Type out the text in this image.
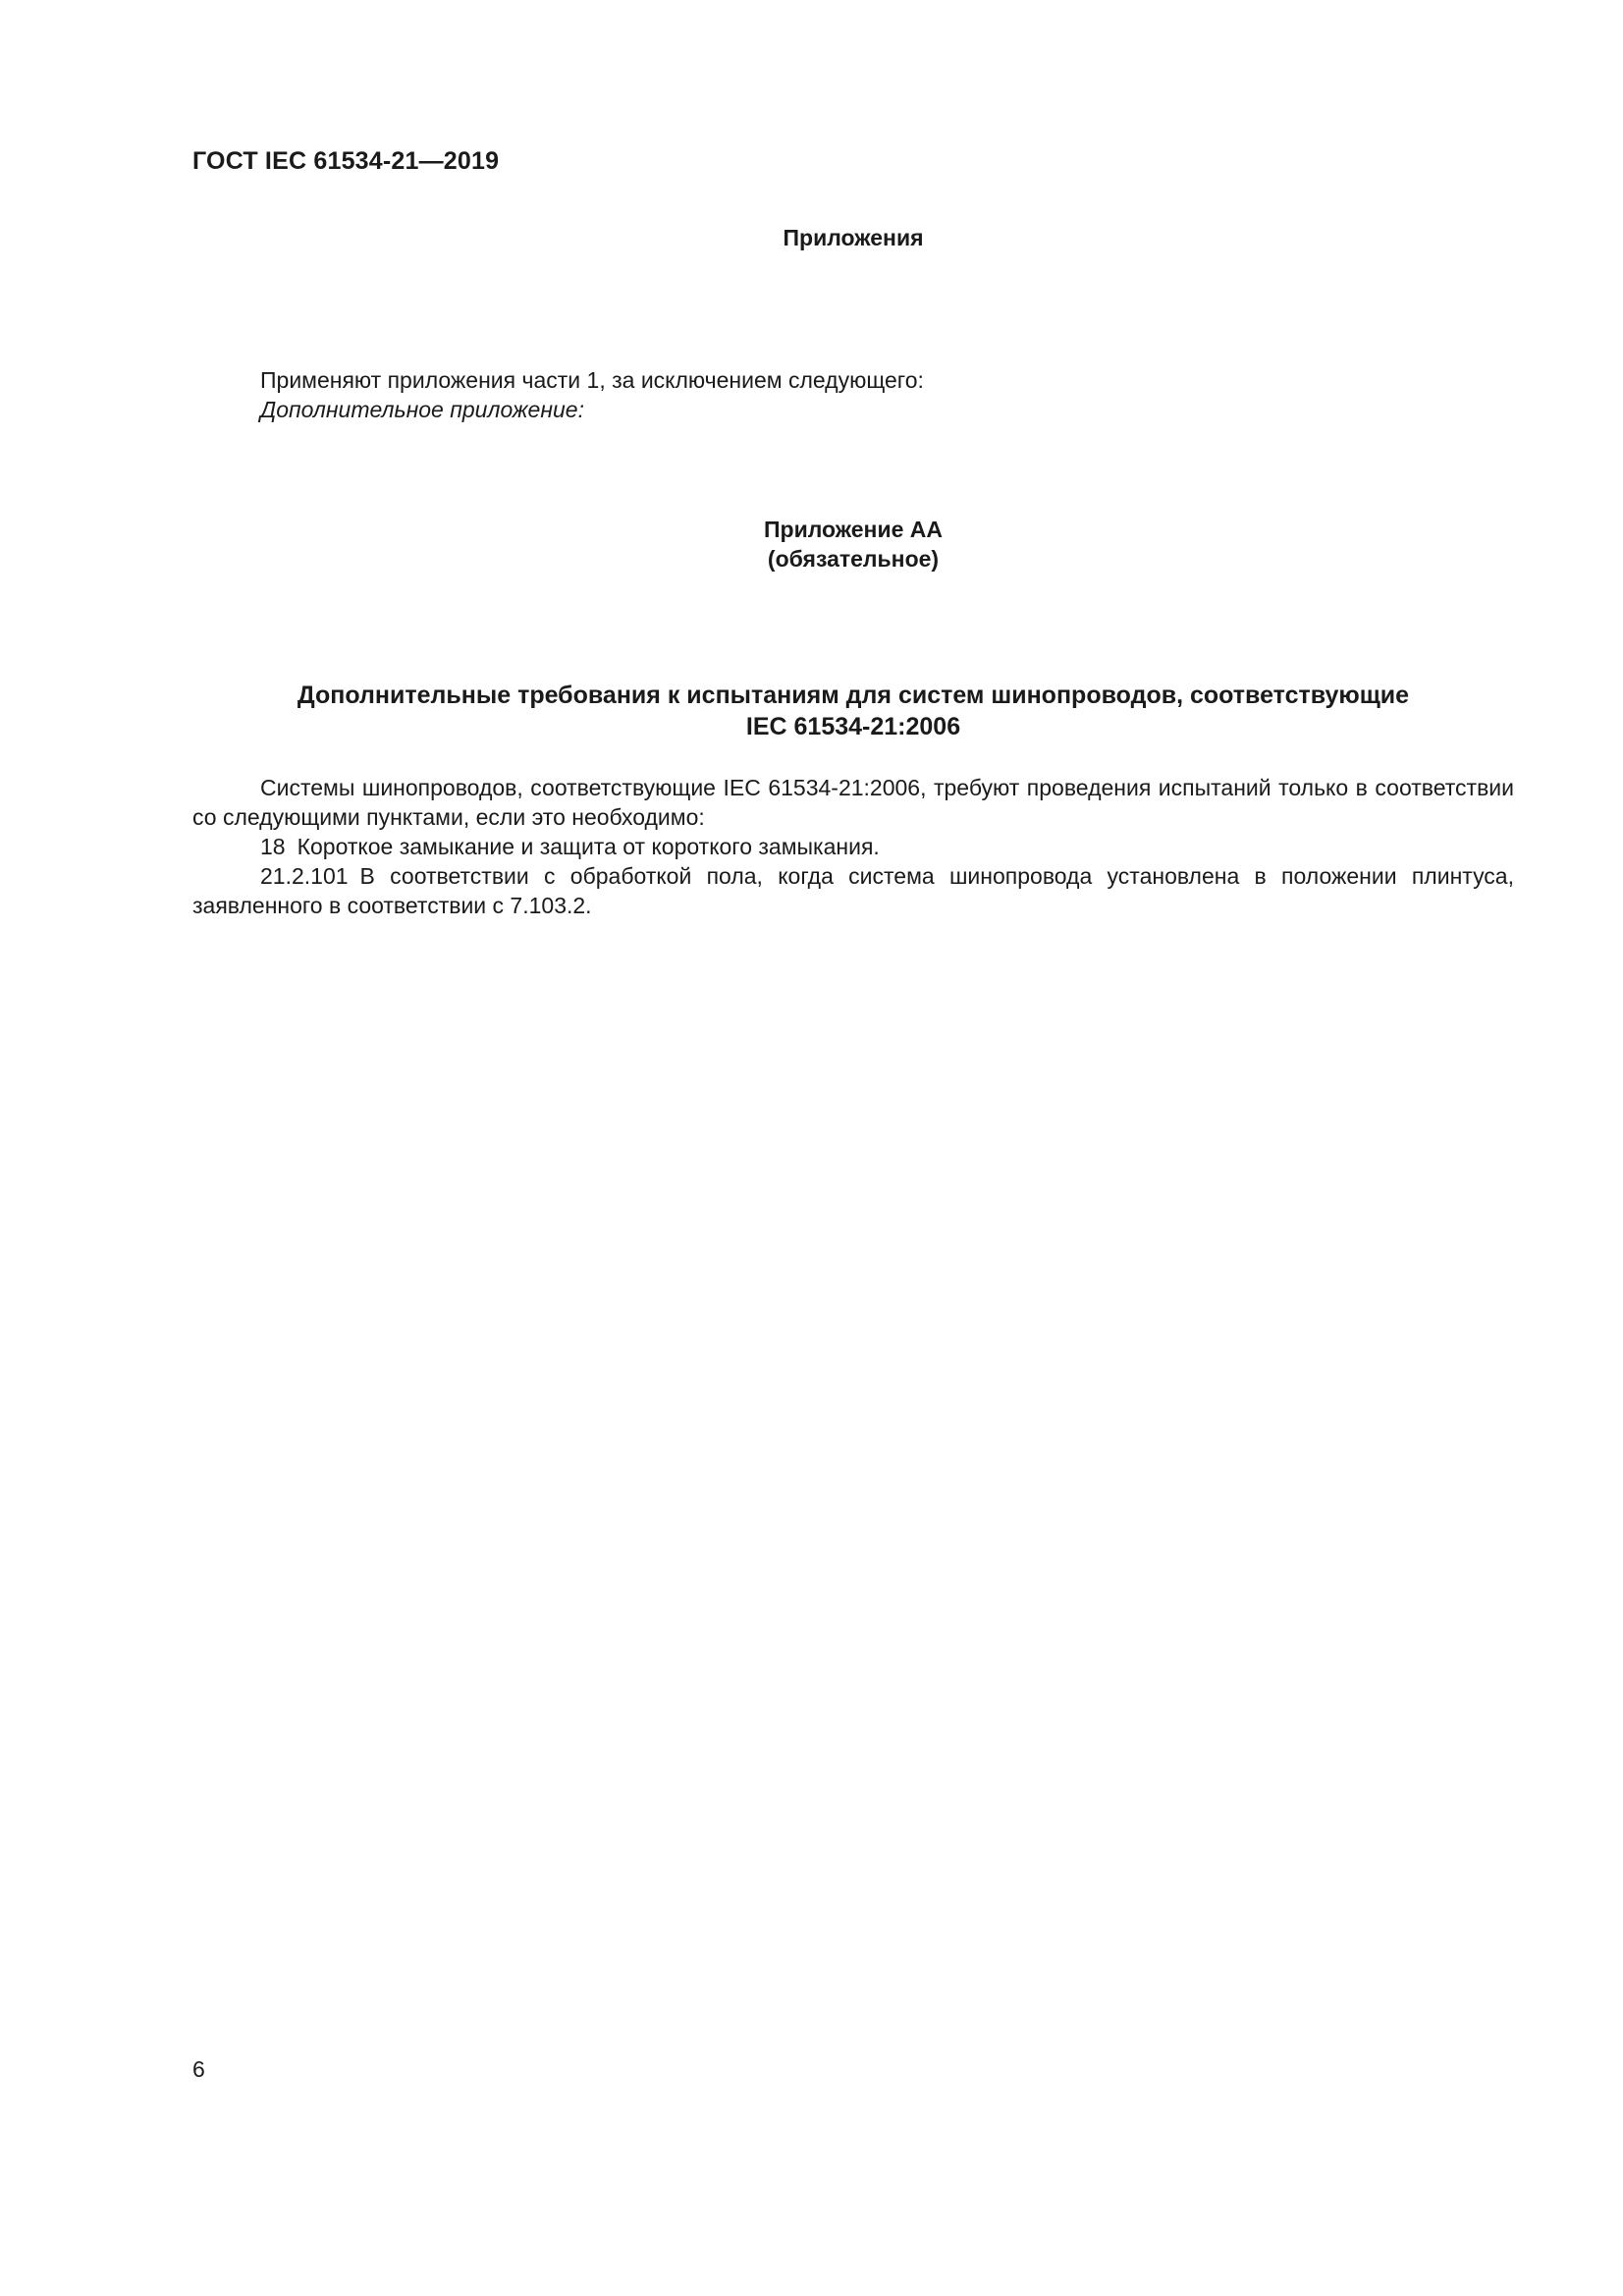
ГОСТ IEC 61534-21—2019
Приложения
Применяют приложения части 1, за исключением следующего:
Дополнительное приложение:
Приложение АА
(обязательное)
Дополнительные требования к испытаниям для систем шинопроводов, соответствующие
IEC 61534-21:2006

Системы шинопроводов, соответствующие IEC 61534-21:2006, требуют проведения испытаний только в соответствии со следующими пунктами, если это необходимо:

18 Короткое замыкание и защита от короткого замыкания.

21.2.101 В соответствии с обработкой пола, когда система шинопровода установлена в положении плинтуса, заявленного в соответствии с 7.103.2.

6
